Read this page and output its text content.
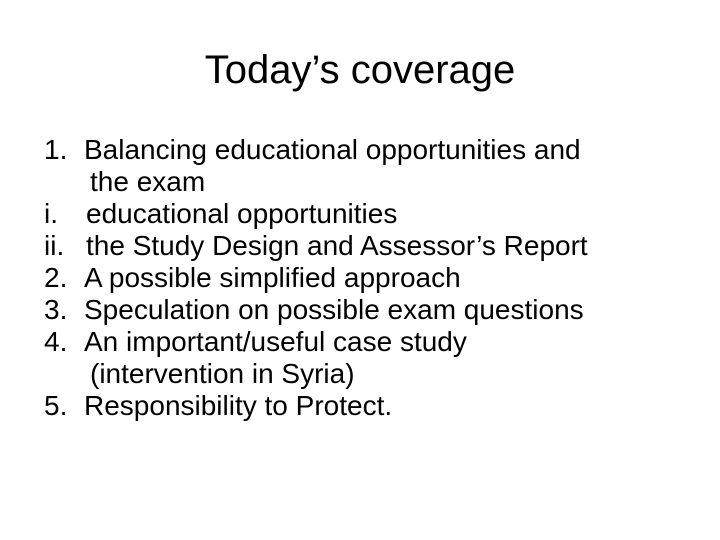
Today’s coverage
1. Balancing educational opportunities and
the exam
i. educational opportunities
ii. the Study Design and Assessor’s Report
2. A possible simplified approach
3. Speculation on possible exam questions
4. An important/useful case study
(intervention in Syria)
5. Responsibility to Protect.
